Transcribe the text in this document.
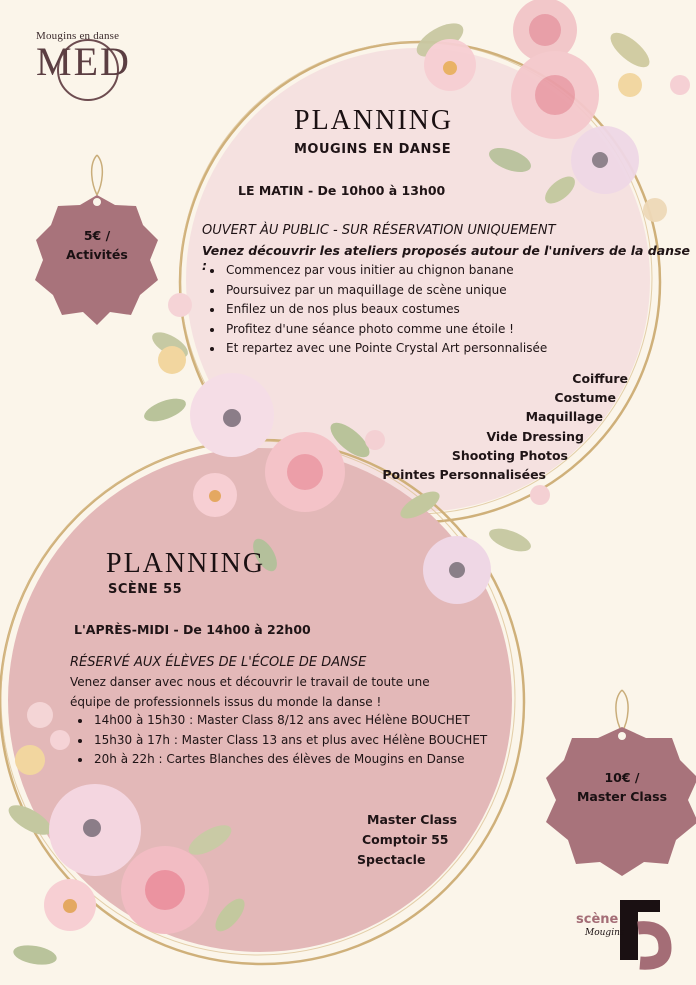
Mougins en danse
MED
5€ /
Activités
10€ /
Master Class
PLANNING
MOUGINS EN DANSE
LE MATIN - De 10h00 à 13h00
OUVERT ÀU PUBLIC - SUR RÉSERVATION UNIQUEMENT
Venez découvrir les ateliers proposés autour de l'univers de la danse :
•	Commencez par vous initier au chignon banane
• Poursuivez par un maquillage de scène unique
• Enfilez un de nos plus beaux costumes
• Profitez d'une séance photo comme une étoile !
• Et repartez avec une Pointe Crystal Art personnalisée
Coiffure
Costume
Maquillage
Vide Dressing
Shooting Photos
Pointes Personnalisées
PLANNING
SCÈNE 55
L'APRÈS-MIDI - De 14h00 à 22h00
RÉSERVÉ AUX ÉLÈVES DE L'ÉCOLE DE DANSE
Venez danser avec nous et découvrir le travail de toute une
équipe de professionnels issus du monde la danse !
• 14h00 à 15h30 : Master Class 8/12 ans avec Hélène BOUCHET
• 15h30 à 17h : Master Class 13 ans et plus avec Hélène BOUCHET
• 20h à 22h : Cartes Blanches des élèves de Mougins en Danse
Master Class
Comptoir 55
Spectacle
scène
Mougins
